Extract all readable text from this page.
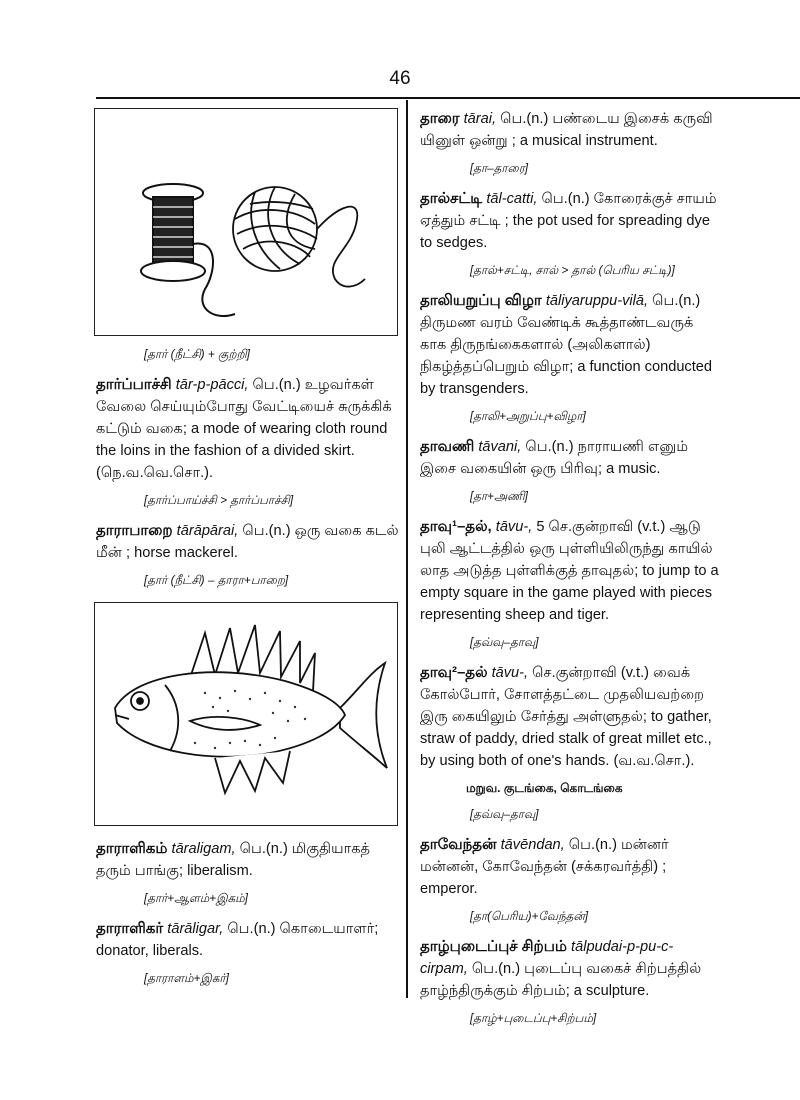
46
[தார் (நீட்சி) + குற்றி]

தார்ப்பாச்சி tār-p-pācci, பெ.(n.) உழவர்கள் வேலை செய்யும்போது வேட்டியைச் சுருக்கிக் கட்டும் வகை; a mode of wearing cloth round the loins in the fashion of a divided skirt. (நெ.வ.வெ.சொ.).

[தார்ப்பாய்ச்சி > தார்ப்பாச்சி]

தாராபாறை tārāpārai, பெ.(n.) ஒரு வகை கடல் மீன் ; horse mackerel.

[தார் (நீட்சி) – தாரா+பாறை]

தாராளிகம் tāraligam, பெ.(n.) மிகுதியாகத் தரும் பாங்கு; liberalism.

[தார்+ஆளம்+இகம்]

தாராளிகர் tārāligar, பெ.(n.) கொடையாளர்; donator, liberals.

[தாராளம்+இகர்]

தாரை tārai, பெ.(n.) பண்டைய இசைக் கருவி யினுள் ஒன்று ; a musical instrument.

[தா–தாரை]

தால்சட்டி tāl-catti, பெ.(n.) கோரைக்குச் சாயம் ஏத்தும் சட்டி ; the pot used for spreading dye to sedges.

[தால்+சட்டி, சால் > தால் (பெரிய சட்டி)]

தாலியறுப்பு விழா tāliyaruppu-vilā, பெ.(n.) திருமண வரம் வேண்டிக் கூத்தாண்டவருக் காக திருநங்கைகளால் (அலிகளால்) நிகழ்த்தப்பெறும் விழா; a function conducted by transgenders.

[தாலி+அறுப்பு+விழா]

தாவணி tāvani, பெ.(n.) நாராயணி எனும் இசை வகையின் ஒரு பிரிவு; a music.

[தா+அணி]

தாவு¹–தல், tāvu-, 5 செ.குன்றாவி (v.t.) ஆடு புலி ஆட்டத்தில் ஒரு புள்ளியிலிருந்து காயில் லாத அடுத்த புள்ளிக்குத் தாவுதல்; to jump to a empty square in the game played with pieces representing sheep and tiger.

[தவ்வு–தாவு]

தாவு²–தல் tāvu-, செ.குன்றாவி (v.t.) வைக் கோல்போர், சோளத்தட்டை முதலியவற்றை இரு கையிலும் சேர்த்து அள்ளுதல்; to gather, straw of paddy, dried stalk of great millet etc., by using both of one's hands. (வ.வ.சொ.).

மறுவ. குடங்கை, கொடங்கை
[தவ்வு–தாவு]

தாவேந்தன் tāvēndan, பெ.(n.) மன்னர் மன்னன், கோவேந்தன் (சக்கரவர்த்தி) ; emperor.

[தா(பெரிய)+வேந்தன்]

தாழ்புடைப்புச் சிற்பம் tālpudai-p-pu-c-cirpam, பெ.(n.) புடைப்பு வகைச் சிற்பத்தில் தாழ்ந்திருக்கும் சிற்பம்; a sculpture.

[தாழ்+புடைப்பு+சிற்பம்]
